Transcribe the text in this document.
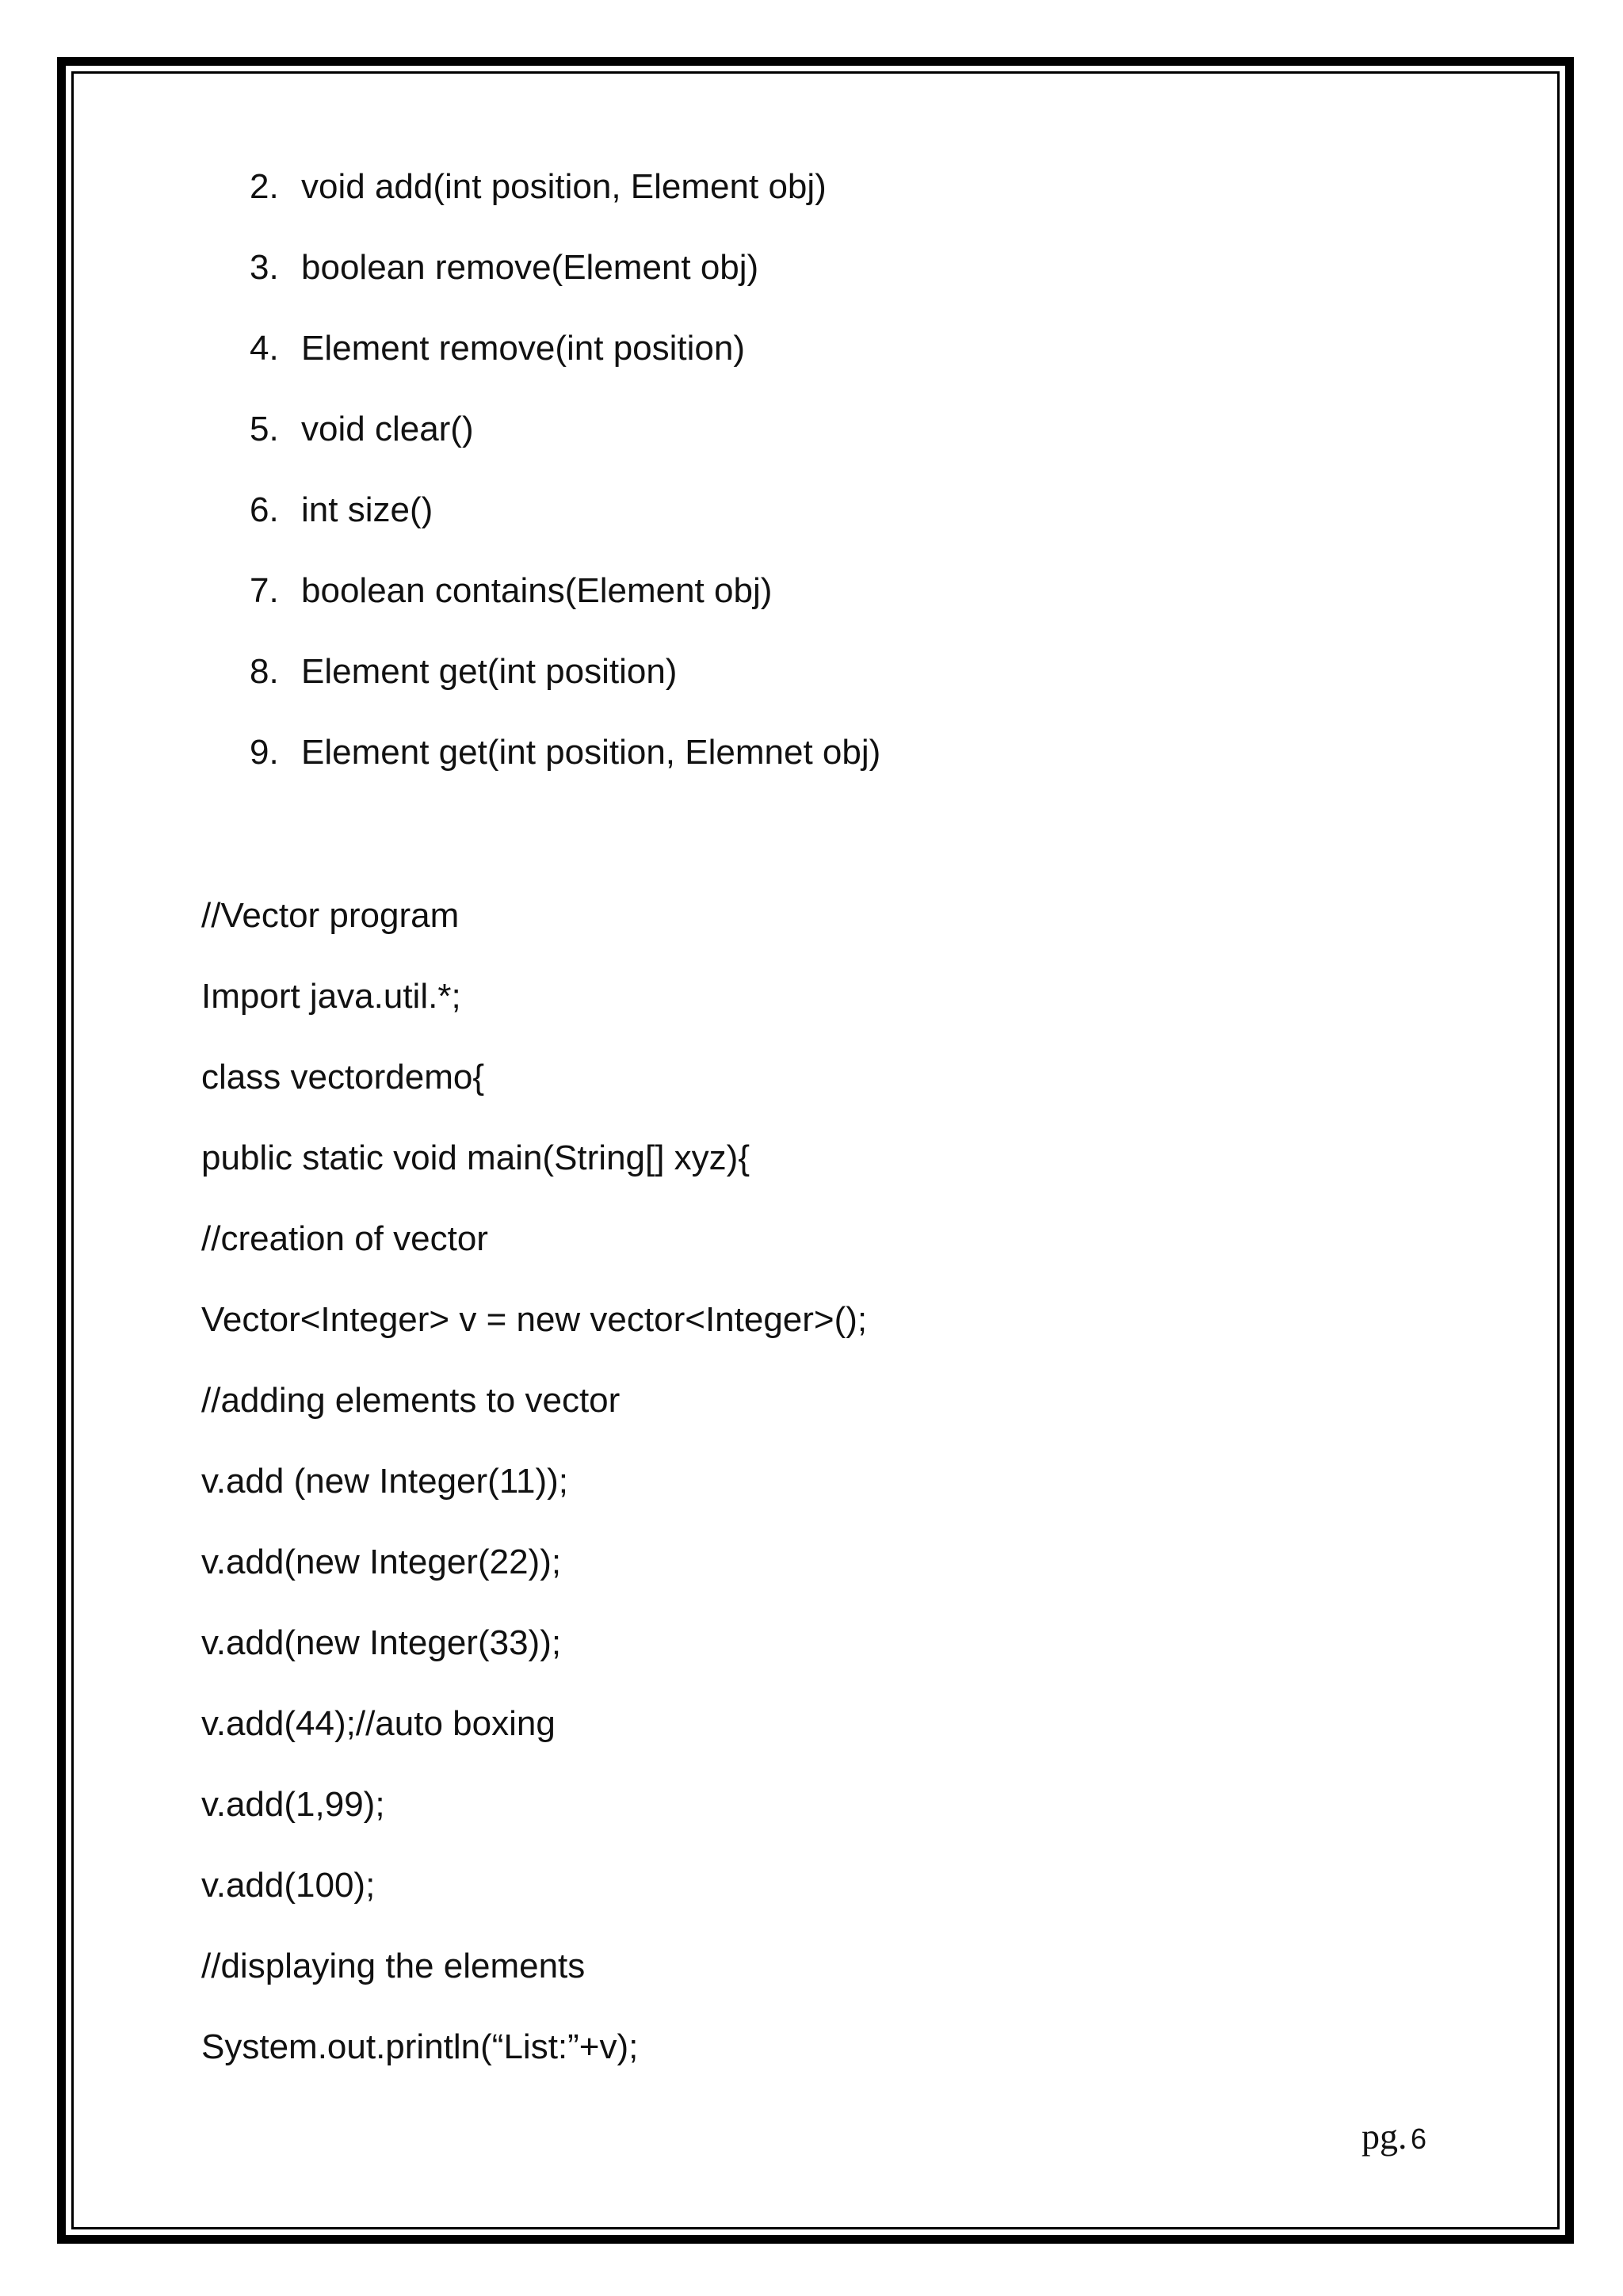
2. void add(int position, Element obj)
3. boolean remove(Element obj)
4. Element remove(int position)
5. void clear()
6. int size()
7. boolean contains(Element obj)
8. Element get(int position)
9. Element get(int position, Elemnet obj)
//Vector program
Import java.util.*;
class vectordemo{
public static void main(String[] xyz){
//creation of vector
Vector<Integer> v = new vector<Integer>();
//adding elements to vector
v.add (new Integer(11));
v.add(new Integer(22));
v.add(new Integer(33));
v.add(44);//auto boxing
v.add(1,99);
v.add(100);
//displaying the elements
System.out.println(“List:”+v);
pg. 6
